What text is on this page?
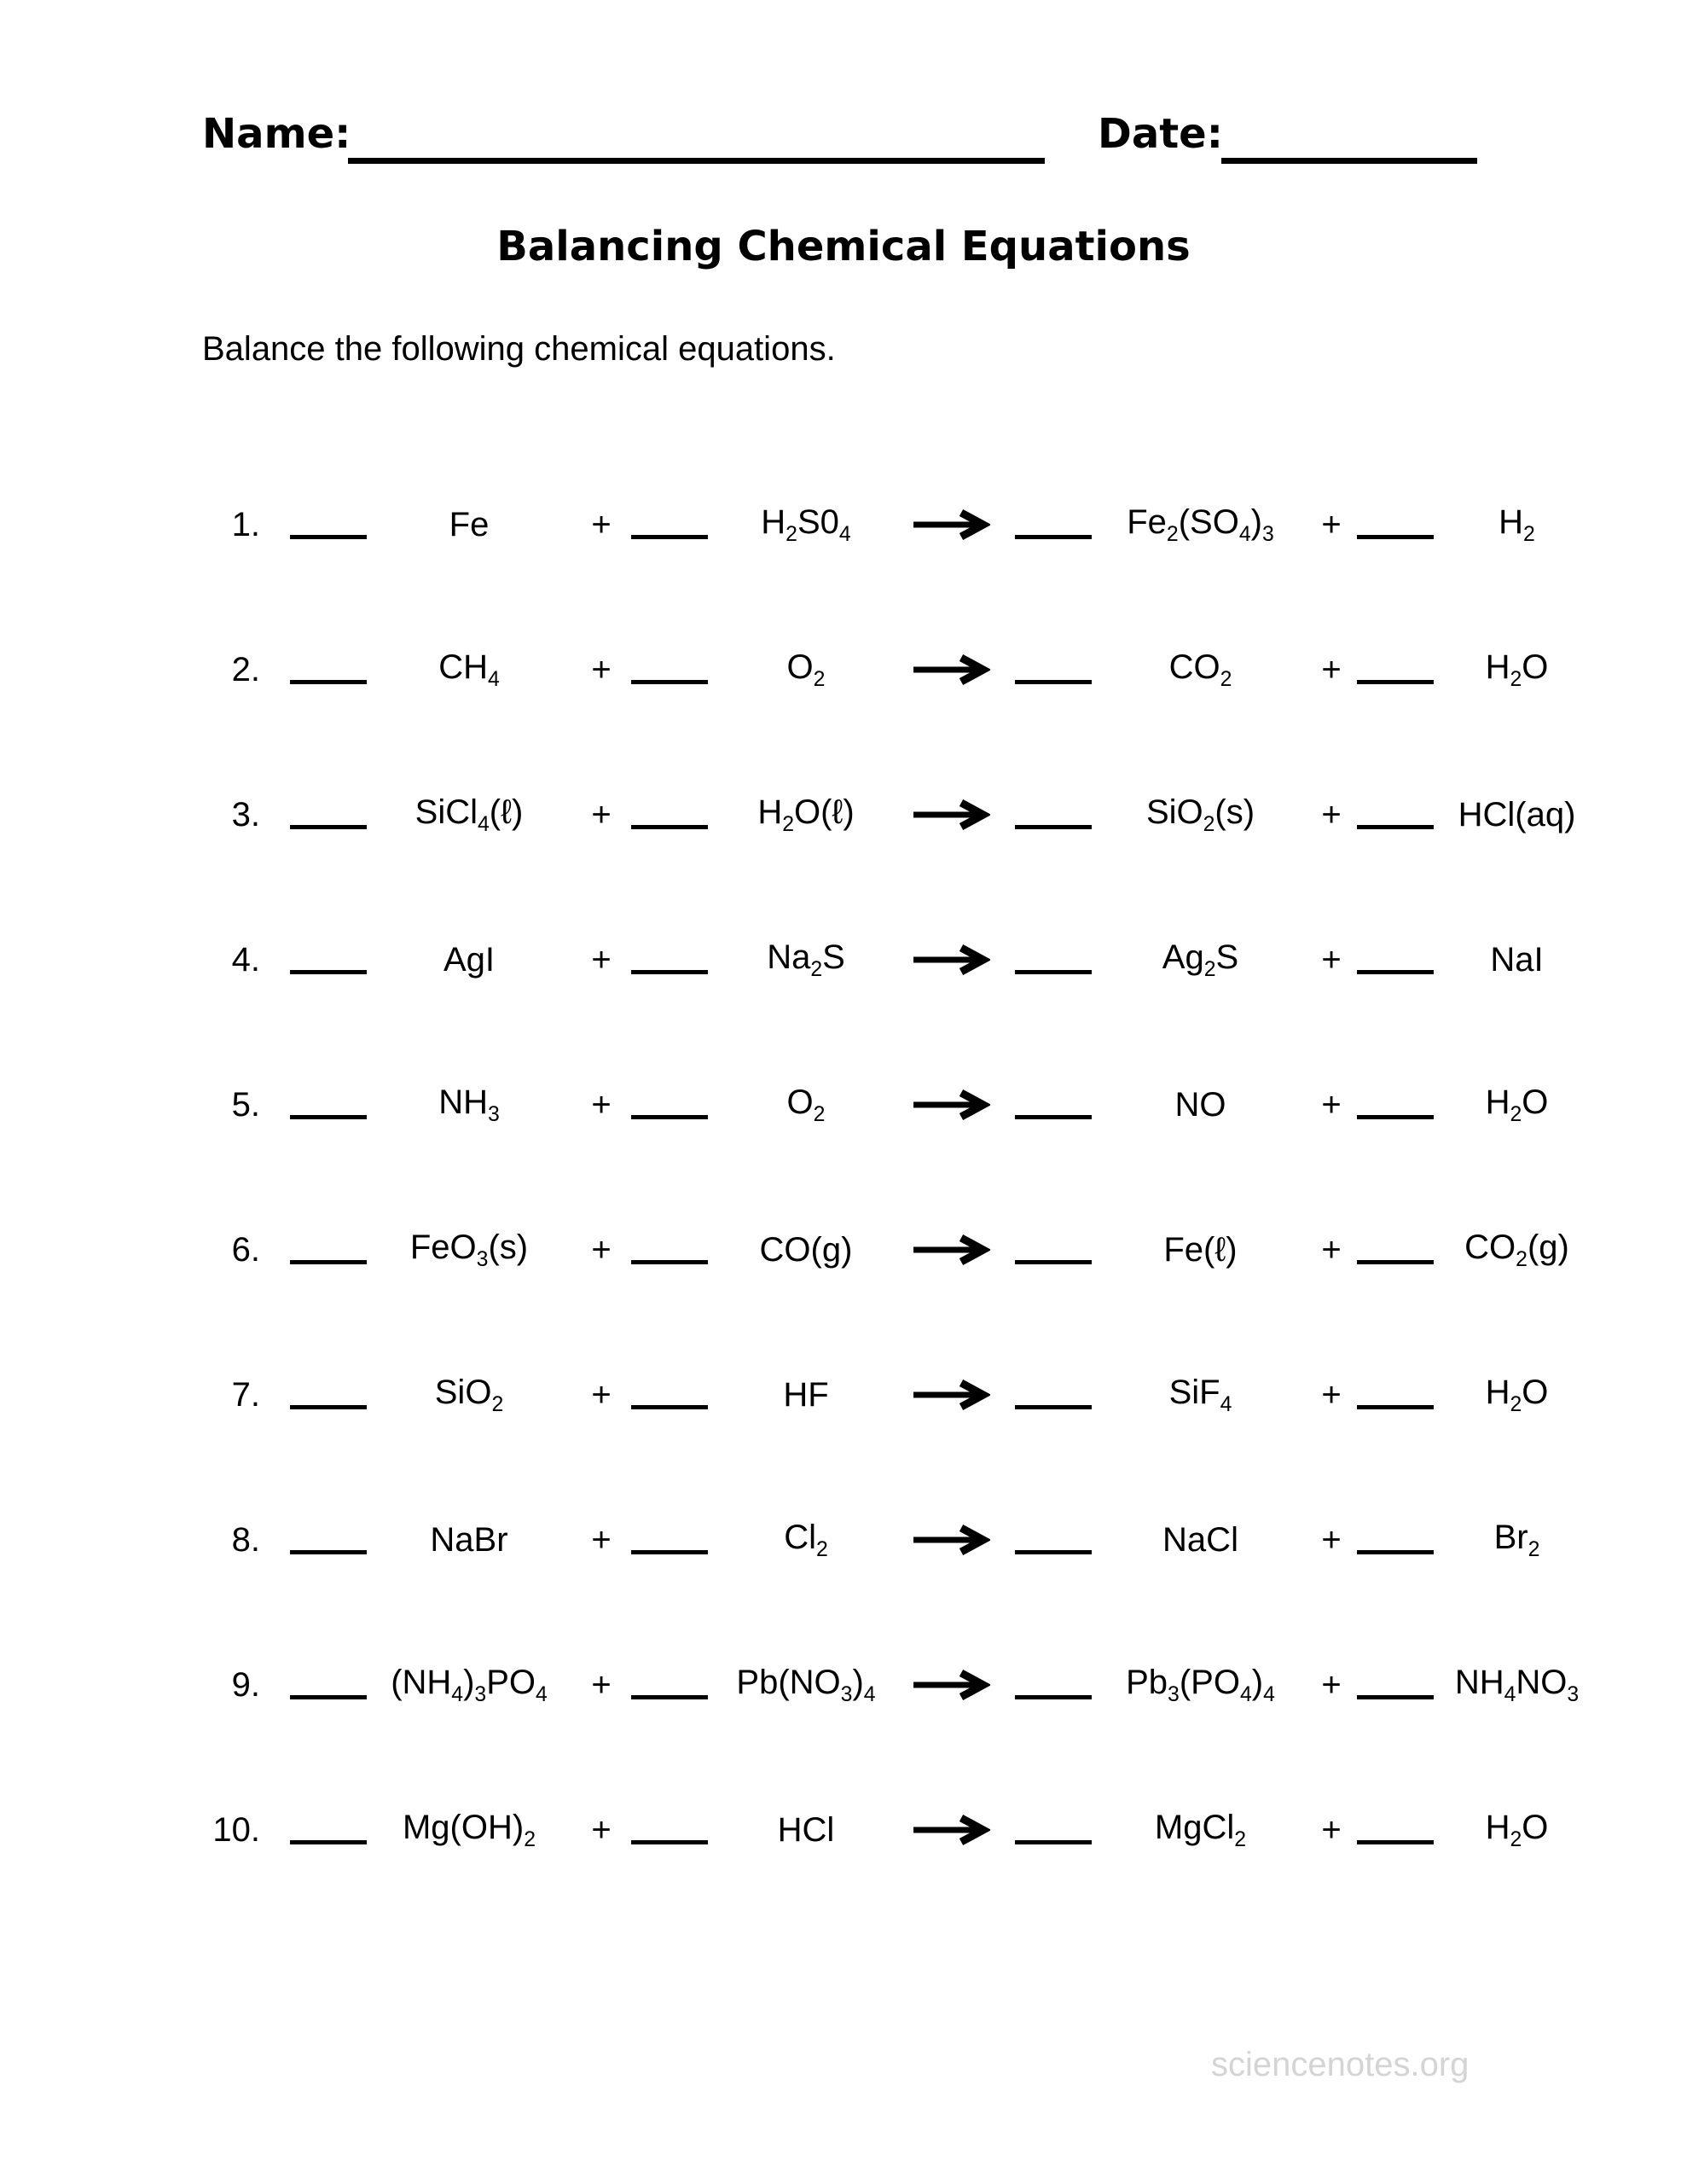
Name:	Date:
Balancing Chemical Equations

Balance the following chemical equations.

1.	Fe	+	$H_2S0_4$	$Fe_2(SO_4)_3$	+	$H_2$
2.	$CH_4$	+	$O_2$	$CO_2$	+	$H_2O$
3.	SiCl$_4$(ℓ)	+	$H_2O(\ell)$	→	SiO$_2$(s)	+	HCl(aq)
4.	AgI	+	$Na_2S$	$Ag_2S$	+	NaI
5.	$NH_3$	+	$O_2$	NO	+	$H_2O$
6.	FeO$_3$(s)	+	CO(g)	Fe(ℓ)	+	$CO_2(g)$
7.	SiO$_2$	+	HF	SiF$_4$	+	$H_2O$
8.	NaBr	+	$Cl_2$	NaCl	+	$Br_2$
9.	$(NH_4)_3PO_4$	+	$Pb(NO_3)_4$ →	$Pb_3(PO_4)_4$	+	$NH_4NO_3$
10.	$Mg(OH)_2$	+	HCl	MgCl$_2$	+	$H_2O$
sciencenotes.org
